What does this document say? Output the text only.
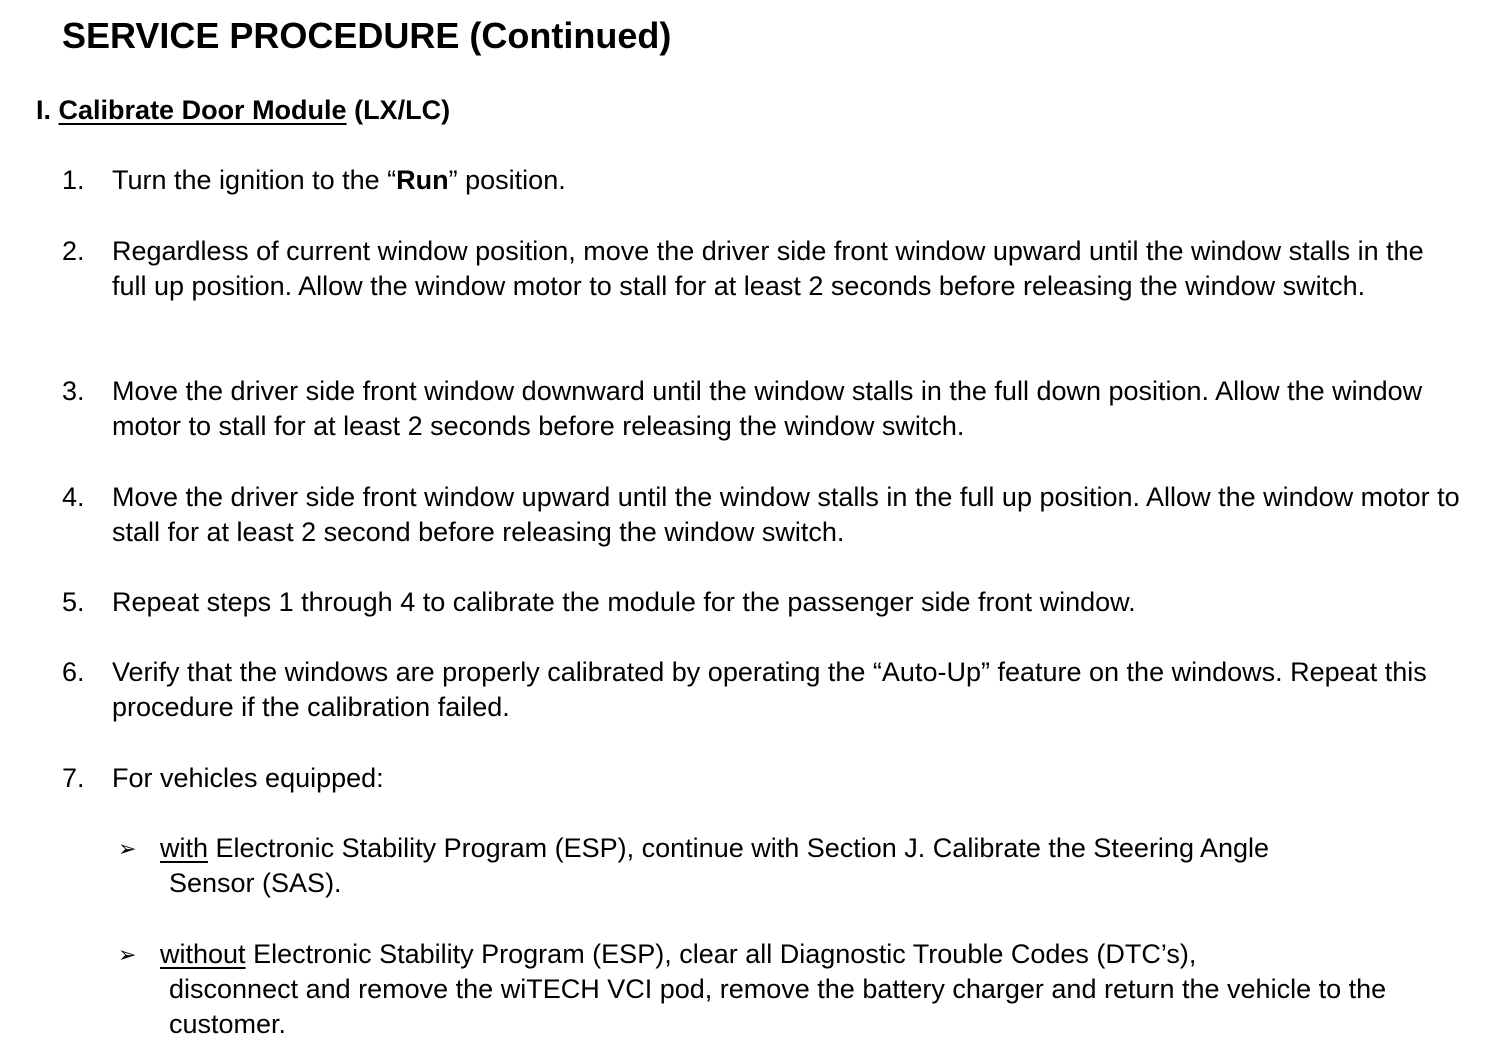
SERVICE PROCEDURE (Continued)
I. Calibrate Door Module (LX/LC)
1. Turn the ignition to the “Run” position.
2. Regardless of current window position, move the driver side front window upward until the window stalls in the full up position. Allow the window motor to stall for at least 2 seconds before releasing the window switch.
3. Move the driver side front window downward until the window stalls in the full down position. Allow the window motor to stall for at least 2 seconds before releasing the window switch.
4. Move the driver side front window upward until the window stalls in the full up position. Allow the window motor to stall for at least 2 second before releasing the window switch.
5. Repeat steps 1 through 4 to calibrate the module for the passenger side front window.
6. Verify that the windows are properly calibrated by operating the “Auto-Up” feature on the windows. Repeat this procedure if the calibration failed.
7. For vehicles equipped:
➢ with Electronic Stability Program (ESP), continue with Section J. Calibrate the Steering Angle
Sensor (SAS).
➢ without Electronic Stability Program (ESP), clear all Diagnostic Trouble Codes (DTC’s),
disconnect and remove the wiTECH VCI pod, remove the battery charger and return the vehicle to the customer.
